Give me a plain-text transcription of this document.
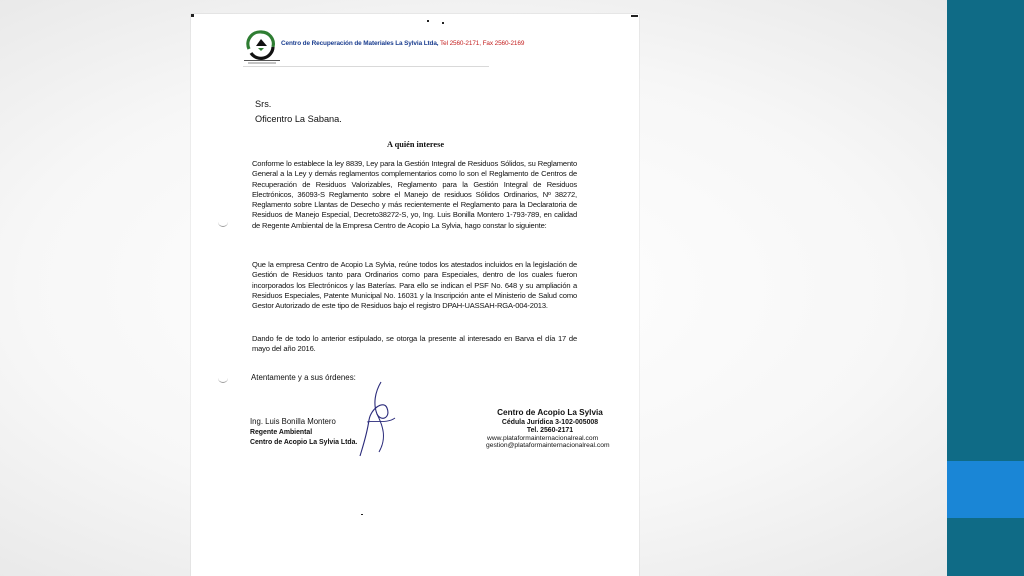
Centro de Recuperación de Materiales La Sylvia Ltda, Tel 2560-2171, Fax 2560-2169
Srs.
Oficentro La Sabana.
A quién interese

Conforme lo establece la ley 8839, Ley para la Gestión Integral de Residuos Sólidos, su Reglamento General a la Ley y demás reglamentos complementarios como lo son el Reglamento de Centros de Recuperación de Residuos Valorizables, Reglamento para la Gestión Integral de Residuos Electrónicos, 36093-S Reglamento sobre el Manejo de residuos Sólidos Ordinarios, Nº 38272, Reglamento sobre Llantas de Desecho y más recientemente el Reglamento para la Declaratoria de Residuos de Manejo Especial, Decreto38272-S, yo, Ing. Luis Bonilla Montero 1-793-789, en calidad de Regente Ambiental de la Empresa Centro de Acopio La Sylvia, hago constar lo siguiente:

Que la empresa Centro de Acopio La Sylvia, reúne todos los atestados incluidos en la legislación de Gestión de Residuos tanto para Ordinarios como para Especiales, dentro de los cuales fueron incorporados los Electrónicos y las Baterías. Para ello se indican el PSF No. 648 y su ampliación a Residuos Especiales, Patente Municipal No. 16031 y la Inscripción ante el Ministerio de Salud como Gestor Autorizado de este tipo de Residuos bajo el registro DPAH-UASSAH-RGA-004-2013.

Dando fe de todo lo anterior estipulado, se otorga la presente al interesado en Barva el día 17 de mayo del año 2016.

Atentamente y a sus órdenes:
Ing. Luis Bonilla Montero
Regente Ambiental
Centro de Acopio La Sylvia Ltda.
Centro de Acopio La Sylvia
Cédula Jurídica 3-102-005008
Tel. 2560-2171
www.plataformainternacionalreal.com
gestion@plataformainternacionalreal.com
